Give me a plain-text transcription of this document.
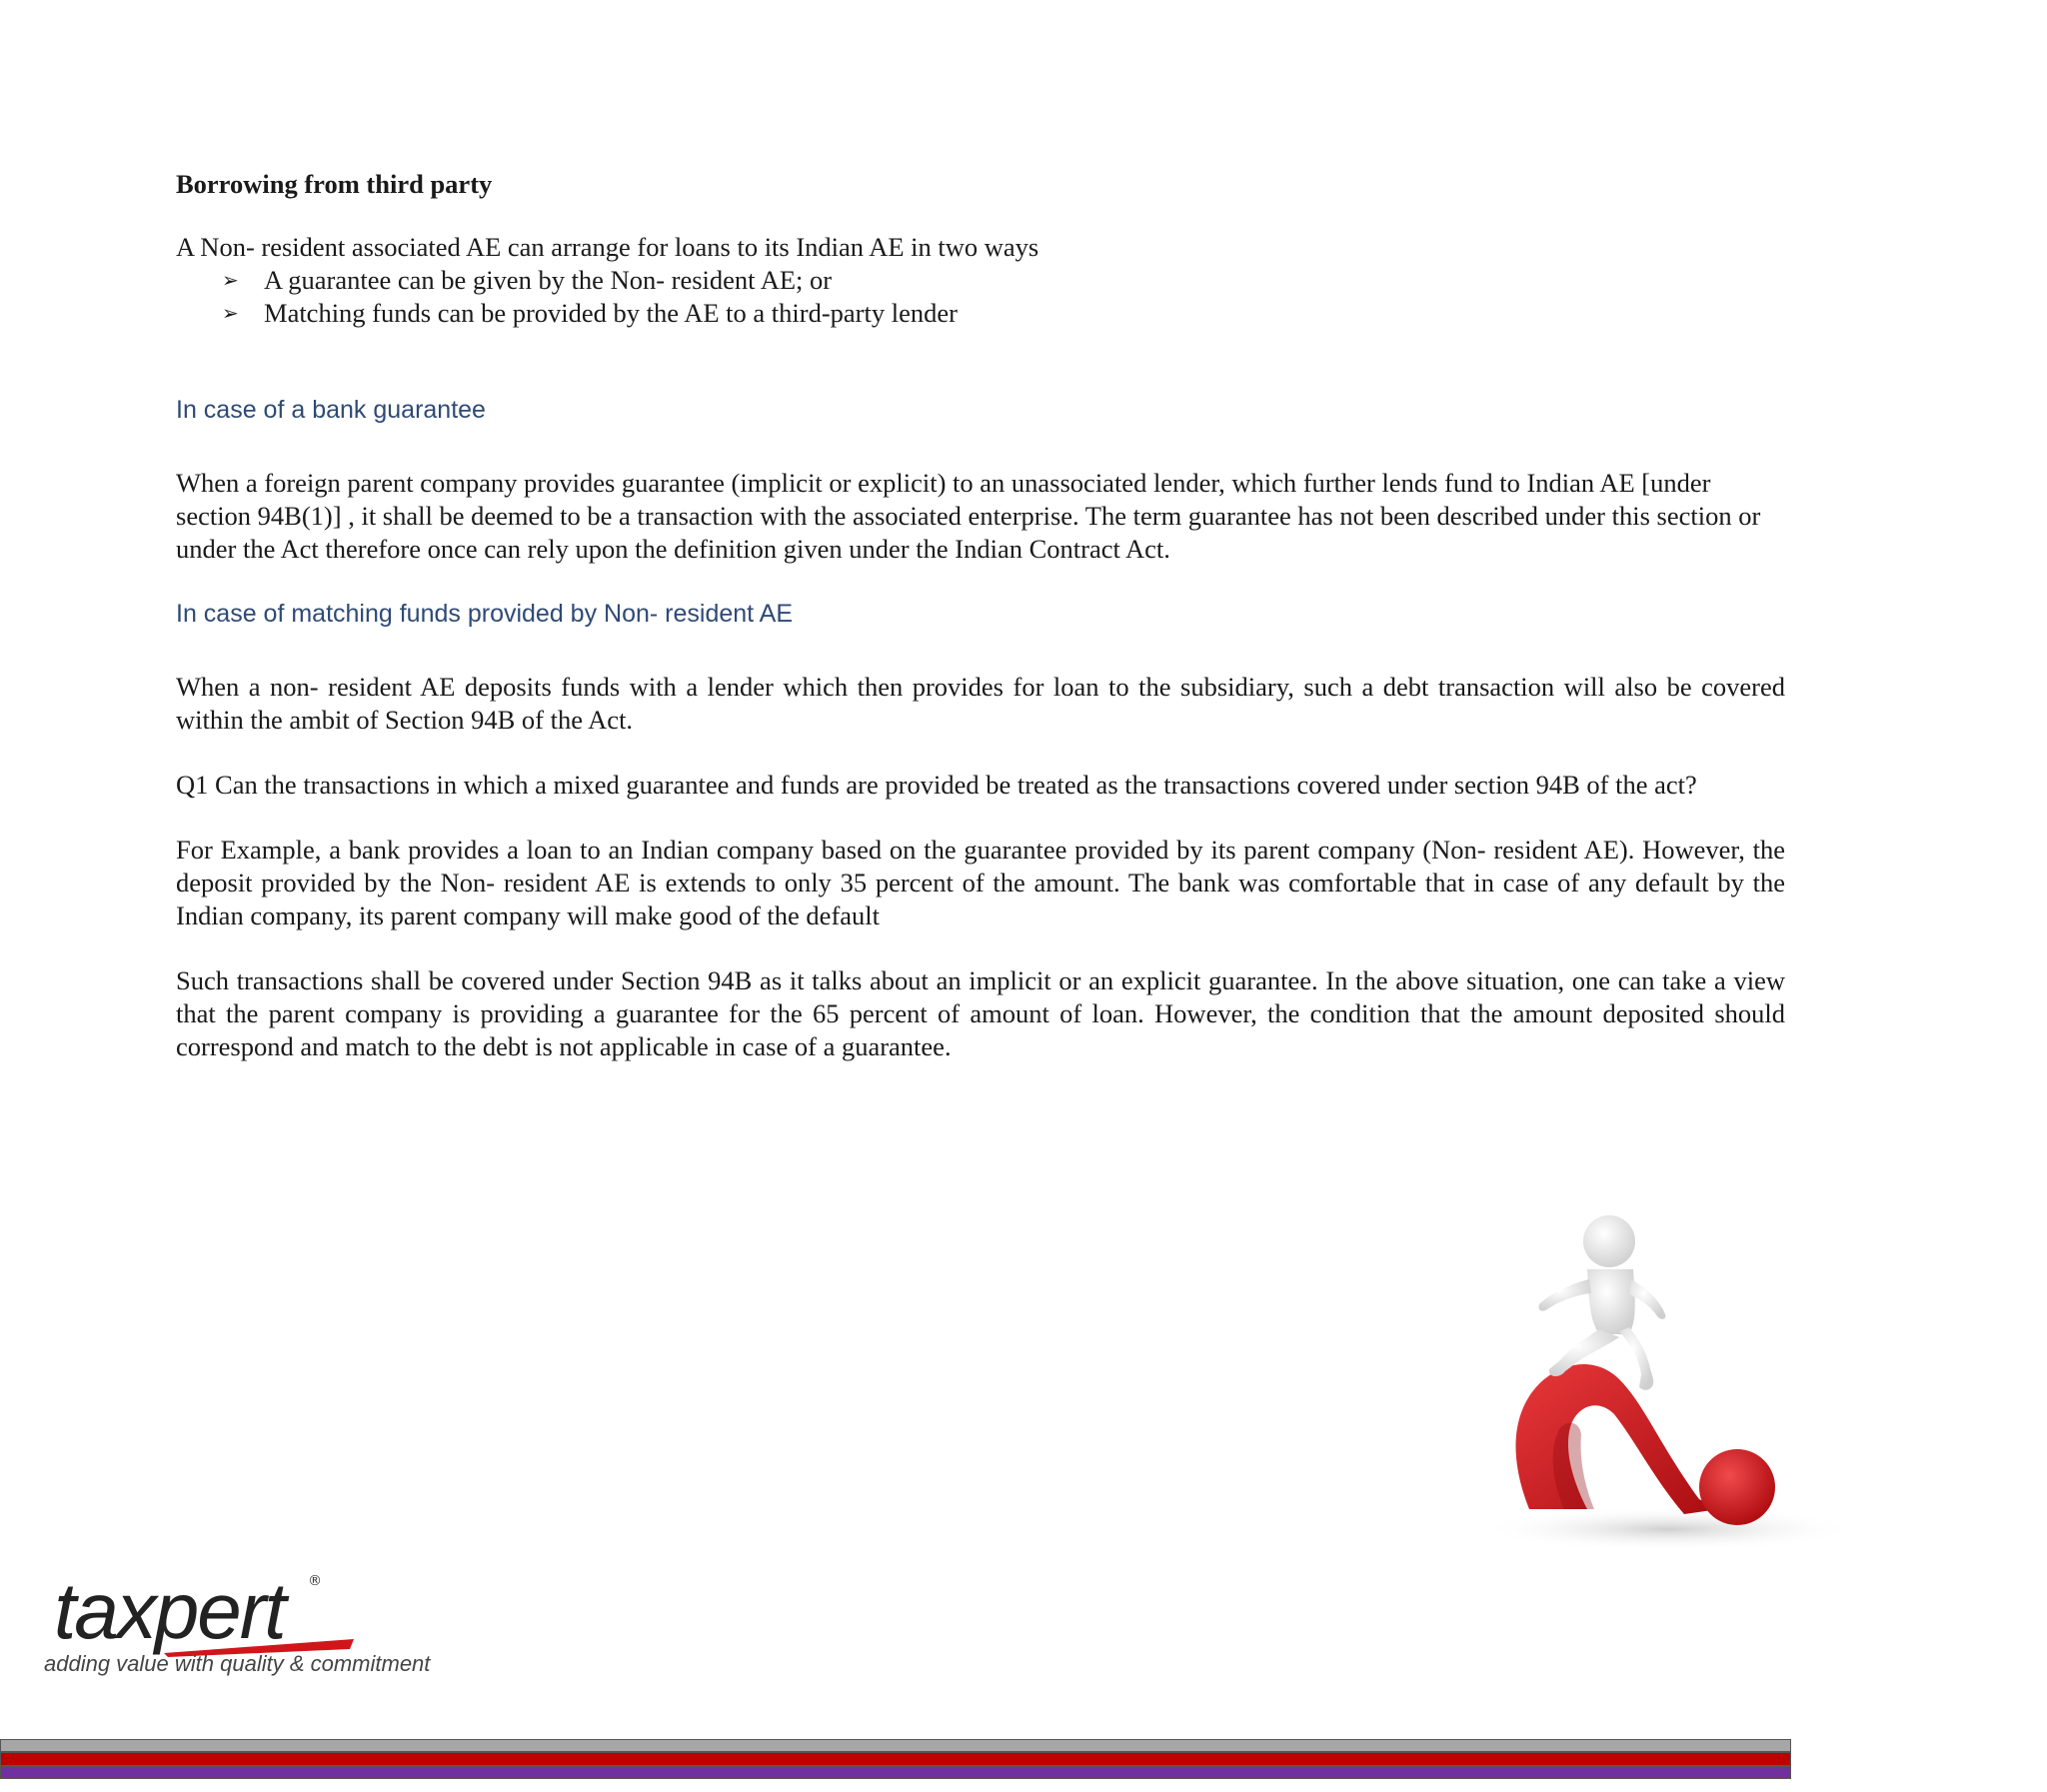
Borrowing from third party

A Non- resident associated AE can arrange for loans to its Indian AE in two ways

➢ A guarantee can be given by the Non- resident AE; or
➢ Matching funds can be provided by the AE to a third-party lender

In case of a bank guarantee

When a foreign parent company provides guarantee (implicit or explicit) to an unassociated lender, which further lends fund to Indian AE [under section 94B(1)] , it shall be deemed to be a transaction with the associated enterprise. The term guarantee has not been described under this section or under the Act therefore once can rely upon the definition given under the Indian Contract Act.

In case of matching funds provided by Non- resident AE

When a non- resident AE deposits funds with a lender which then provides for loan to the subsidiary, such a debt transaction will also be covered within the ambit of Section 94B of the Act.

Q1 Can the transactions in which a mixed guarantee and funds are provided be treated as the transactions covered under section 94B of the act?

For Example, a bank provides a loan to an Indian company based on the guarantee provided by its parent company (Non- resident AE). However, the deposit provided by the Non- resident AE is extends to only 35 percent of the amount. The bank was comfortable that in case of any default by the Indian company, its parent company will make good of the default

Such transactions shall be covered under Section 94B as it talks about an implicit or an explicit guarantee. In the above situation, one can take a view that the parent company is providing a guarantee for the 65 percent of amount of loan. However, the condition that the amount deposited should correspond and match to the debt is not applicable in case of a guarantee.

taxpert ®
adding value with quality & commitment
